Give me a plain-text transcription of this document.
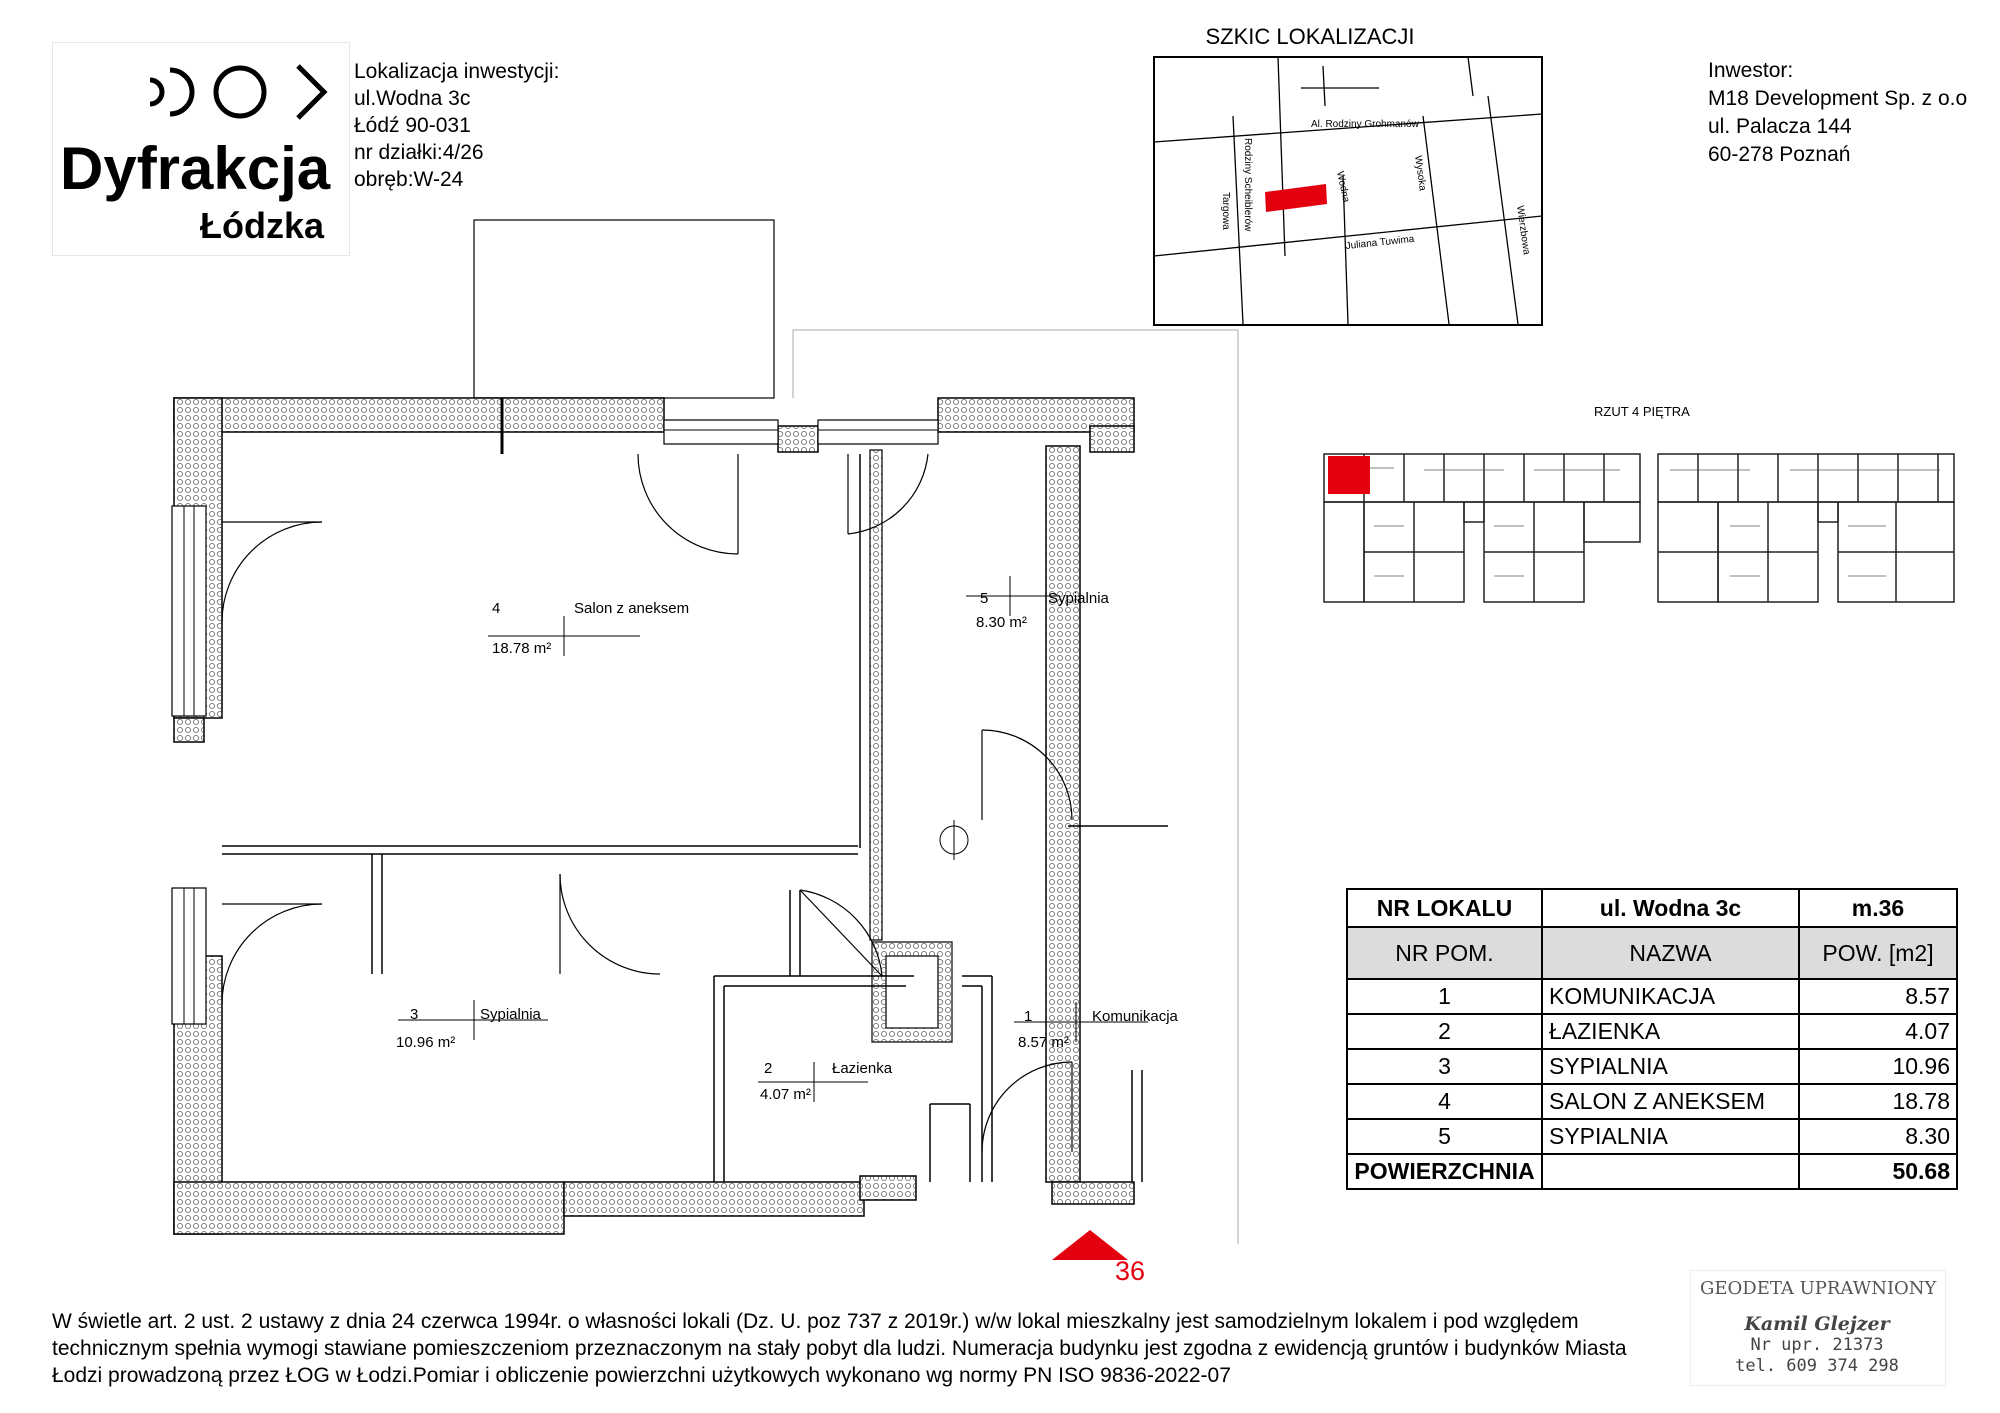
Dyfrakcja
Łódzka
Lokalizacja inwestycji:
ul.Wodna 3c
Łódź 90-031
nr działki:4/26
obręb:W-24
Inwestor:
M18 Development Sp. z o.o
ul. Palacza 144
60-278 Poznań
SZKIC LOKALIZACJI
Al. Rodziny Grohmanów
Rodziny Scheiblerów
Targowa
Wodna	Wysoka
Juliana Tuwima	Wierzbowa
RZUT 4 PIĘTRA
4	Salon z aneksem
18.78 m²
5	Sypialnia
8.30 m²
3	Sypialnia
10.96 m²
2	Łazienka
4.07 m²
1	Komunikacja
8.57 m²
36
NR LOKALU	ul. Wodna 3c	m.36
NR POM.	NAZWA	POW. [m2]
1	KOMUNIKACJA	8.57
2	ŁAZIENKA	4.07
3	SYPIALNIA	10.96
4	SALON Z ANEKSEM	18.78
5	SYPIALNIA	8.30
POWIERZCHNIA		50.68
GEODETA UPRAWNIONY
Kamil Glejzer
Nr upr. 21373
tel. 609 374 298
W świetle art. 2 ust. 2 ustawy z dnia 24 czerwca 1994r. o własności lokali (Dz. U. poz 737 z 2019r.) w/w lokal mieszkalny jest samodzielnym lokalem i pod względem
technicznym spełnia wymogi stawiane pomieszczeniom przeznaczonym na stały pobyt dla ludzi. Numeracja budynku jest zgodna z ewidencją gruntów i budynków Miasta
Łodzi prowadzoną przez ŁOG w Łodzi.Pomiar i obliczenie powierzchni użytkowych wykonano wg normy PN ISO 9836-2022-07
